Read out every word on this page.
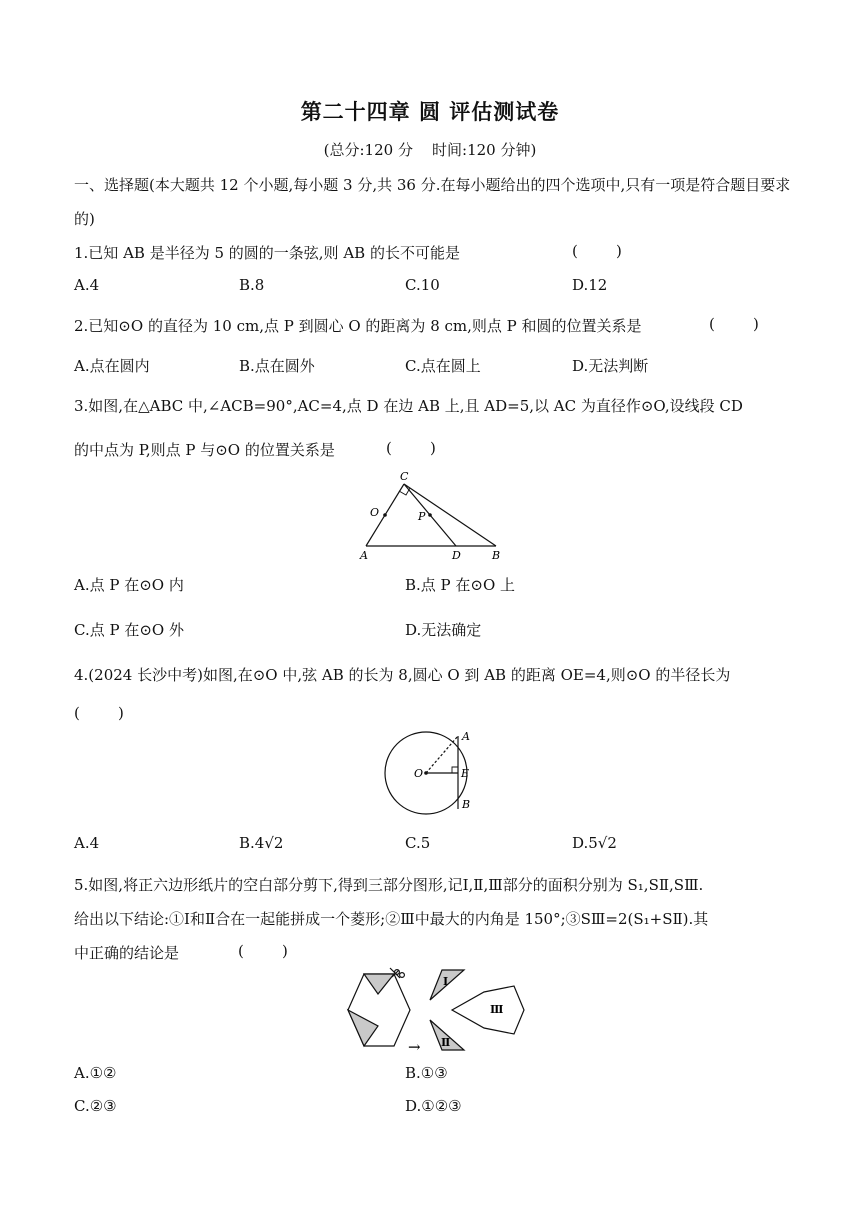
第二十四章 圆 评估测试卷
(总分:120 分    时间:120 分钟)
一、选择题(本大题共 12 个小题,每小题 3 分,共 36 分.在每小题给出的四个选项中,只有一项是符合题目要求的)
1.已知 AB 是半径为 5 的圆的一条弦,则 AB 的长不可能是	(        )
A.4	B.8	C.10	D.12
2.已知⊙O 的直径为 10 cm,点 P 到圆心 O 的距离为 8 cm,则点 P 和圆的位置关系是	(        )
A.点在圆内	B.点在圆外	C.点在圆上	D.无法判断
3.如图,在△ABC 中,∠ACB=90°,AC=4,点 D 在边 AB 上,且 AD=5,以 AC 为直径作⊙O,设线段 CD
的中点为 P,则点 P 与⊙O 的位置关系是	(        )
C
O	P
A	D	B
A.点 P 在⊙O 内	B.点 P 在⊙O 上
C.点 P 在⊙O 外	D.无法确定
4.(2024 长沙中考)如图,在⊙O 中,弦 AB 的长为 8,圆心 O 到 AB 的距离 OE=4,则⊙O 的半径长为
(        )
A
O	E
B
A.4	B.4√2	C.5	D.5√2
5.如图,将正六边形纸片的空白部分剪下,得到三部分图形,记Ⅰ,Ⅱ,Ⅲ部分的面积分别为 S₁,SⅡ,SⅢ.
给出以下结论:①Ⅰ和Ⅱ合在一起能拼成一个菱形;②Ⅲ中最大的内角是 150°;③SⅢ=2(S₁+SⅡ).其
中正确的结论是	(        )
Ⅰ
Ⅱ
Ⅲ
→
A.①②	B.①③
C.②③	D.①②③
